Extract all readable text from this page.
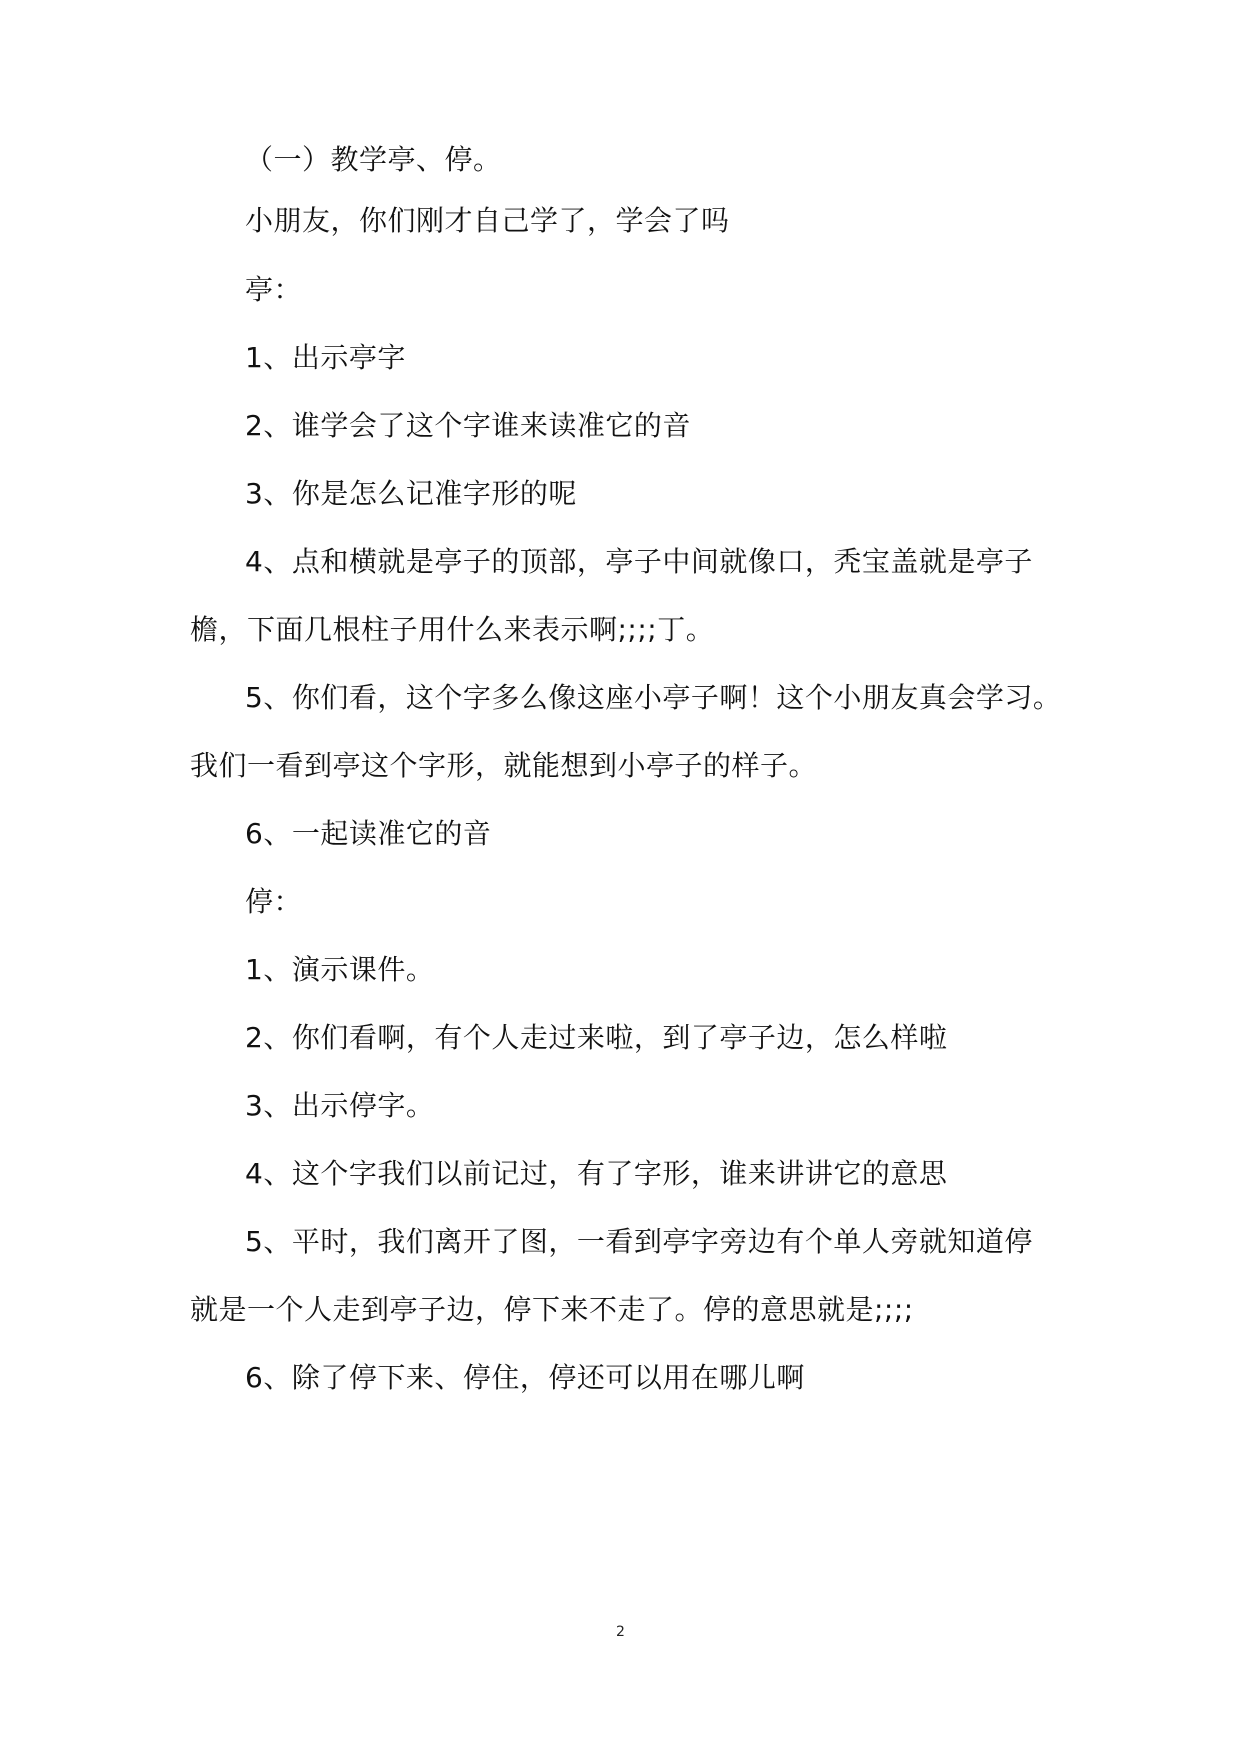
（一）教学亭、停。
小朋友，你们刚才自己学了，学会了吗
亭：
1、出示亭字
2、谁学会了这个字谁来读准它的音
3、你是怎么记准字形的呢
4、点和横就是亭子的顶部，亭子中间就像口，秃宝盖就是亭子
檐，下面几根柱子用什么来表示啊;;;;丁。
5、你们看，这个字多么像这座小亭子啊！这个小朋友真会学习。
我们一看到亭这个字形，就能想到小亭子的样子。
6、一起读准它的音
停：
1、演示课件。
2、你们看啊，有个人走过来啦，到了亭子边，怎么样啦
3、出示停字。
4、这个字我们以前记过，有了字形，谁来讲讲它的意思
5、平时，我们离开了图，一看到亭字旁边有个单人旁就知道停
就是一个人走到亭子边，停下来不走了。停的意思就是;;;;
6、除了停下来、停住，停还可以用在哪儿啊
2
